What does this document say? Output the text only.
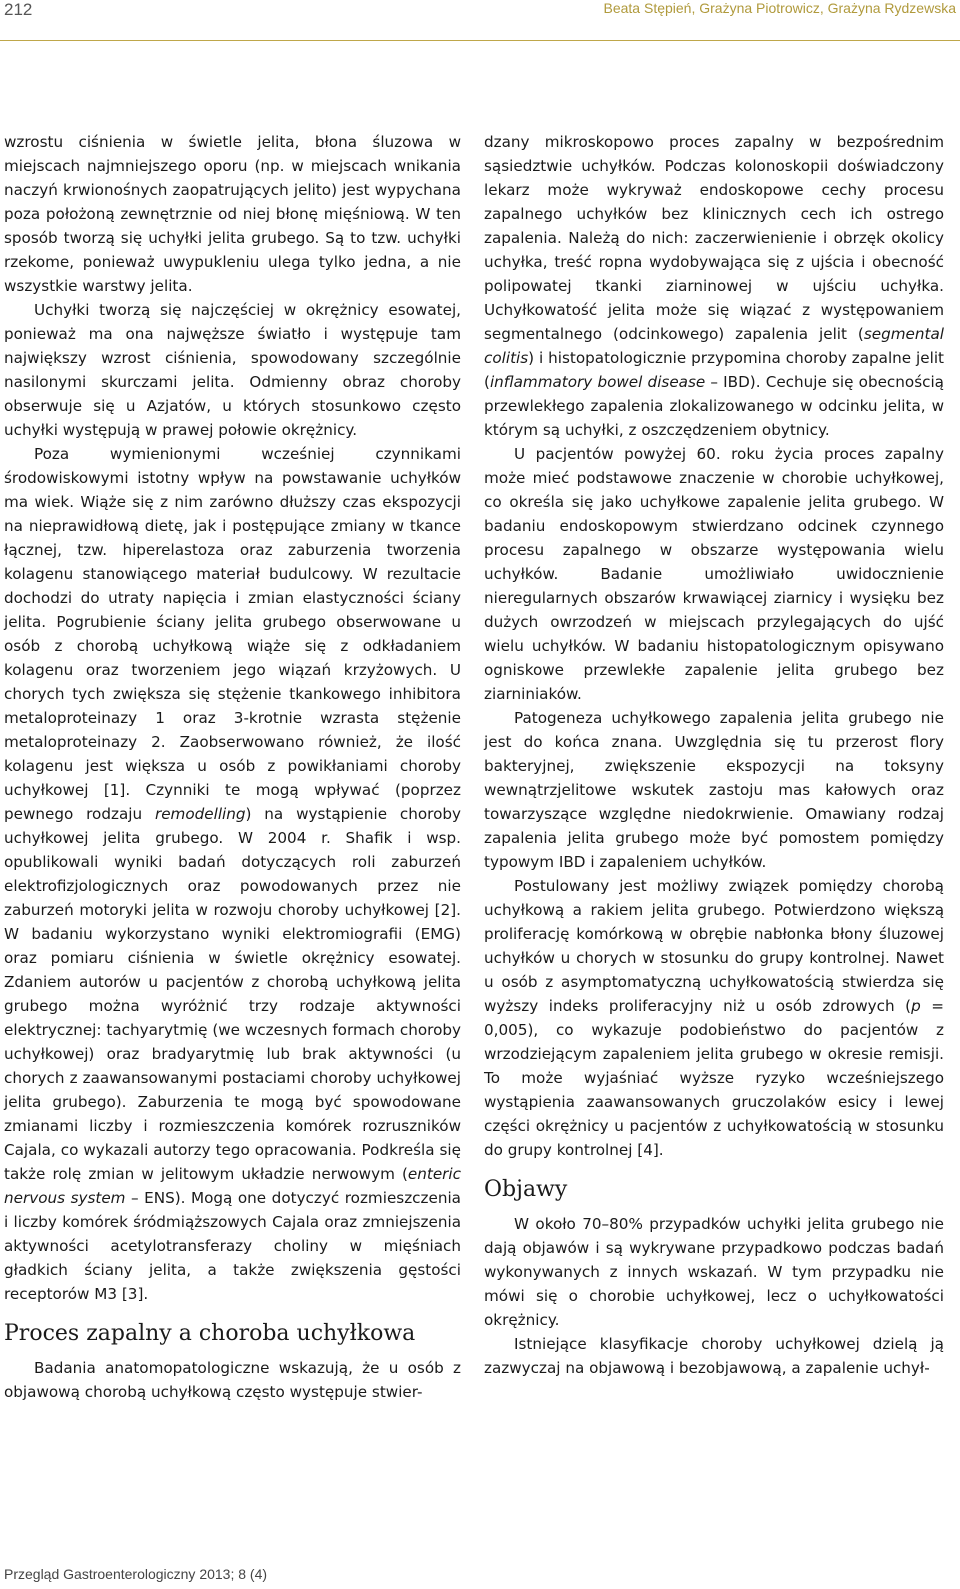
212	Beata Stępień, Grażyna Piotrowicz, Grażyna Rydzewska

wzrostu ciśnienia w świetle jelita, błona śluzowa w miejscach najmniejszego oporu (np. w miejscach wnikania naczyń krwionośnych zaopatrujących jelito) jest wypychana poza położoną zewnętrznie od niej błonę mięśniową. W ten sposób tworzą się uchyłki jelita grubego. Są to tzw. uchyłki rzekome, ponieważ uwypukleniu ulega tylko jedna, a nie wszystkie warstwy jelita.

Uchyłki tworzą się najczęściej w okrężnicy esowatej, ponieważ ma ona najwęższe światło i występuje tam największy wzrost ciśnienia, spowodowany szczególnie nasilonymi skurczami jelita. Odmienny obraz choroby obserwuje się u Azjatów, u których stosunkowo często uchyłki występują w prawej połowie okrężnicy.

Poza wymienionymi wcześniej czynnikami środowiskowymi istotny wpływ na powstawanie uchyłków ma wiek. Wiąże się z nim zarówno dłuższy czas ekspozycji na nieprawidłową dietę, jak i postępujące zmiany w tkance łącznej, tzw. hiperelastoza oraz zaburzenia tworzenia kolagenu stanowiącego materiał budulcowy. W rezultacie dochodzi do utraty napięcia i zmian elastyczności ściany jelita. Pogrubienie ściany jelita grubego obserwowane u osób z chorobą uchyłkową wiąże się z odkładaniem kolagenu oraz tworzeniem jego wiązań krzyżowych. U chorych tych zwiększa się stężenie tkankowego inhibitora metaloproteinazy 1 oraz 3-krotnie wzrasta stężenie metaloproteinazy 2. Zaobserwowano również, że ilość kolagenu jest większa u osób z powikłaniami choroby uchyłkowej [1]. Czynniki te mogą wpływać (poprzez pewnego rodzaju remodelling) na wystąpienie choroby uchyłkowej jelita grubego. W 2004 r. Shafik i wsp. opublikowali wyniki badań dotyczących roli zaburzeń elektrofizjologicznych oraz powodowanych przez nie zaburzeń motoryki jelita w rozwoju choroby uchyłkowej [2]. W badaniu wykorzystano wyniki elektromiografii (EMG) oraz pomiaru ciśnienia w świetle okrężnicy esowatej. Zdaniem autorów u pacjentów z chorobą uchyłkową jelita grubego można wyróżnić trzy rodzaje aktywności elektrycznej: tachyarytmię (we wczesnych formach choroby uchyłkowej) oraz bradyarytmię lub brak aktywności (u chorych z zaawansowanymi postaciami choroby uchyłkowej jelita grubego). Zaburzenia te mogą być spowodowane zmianami liczby i rozmieszczenia komórek rozruszników Cajala, co wykazali autorzy tego opracowania. Podkreśla się także rolę zmian w jelitowym układzie nerwowym (enteric nervous system – ENS). Mogą one dotyczyć rozmieszczenia i liczby komórek śródmiąższowych Cajala oraz zmniejszenia aktywności acetylotransferazy choliny w mięśniach gładkich ściany jelita, a także zwiększenia gęstości receptorów M3 [3].

Proces zapalny a choroba uchyłkowa

Badania anatomopatologiczne wskazują, że u osób z objawową chorobą uchyłkową często występuje stwier-

dzany mikroskopowo proces zapalny w bezpośrednim sąsiedztwie uchyłków. Podczas kolonoskopii doświadczony lekarz może wykryważ endoskopowe cechy procesu zapalnego uchyłków bez klinicznych cech ich ostrego zapalenia. Należą do nich: zaczerwienienie i obrzęk okolicy uchyłka, treść ropna wydobywająca się z ujścia i obecność polipowatej tkanki ziarninowej w ujściu uchyłka. Uchyłkowatość jelita może się wiązać z występowaniem segmentalnego (odcinkowego) zapalenia jelit (segmental colitis) i histopatologicznie przypomina choroby zapalne jelit (inflammatory bowel disease – IBD). Cechuje się obecnością przewlekłego zapalenia zlokalizowanego w odcinku jelita, w którym są uchyłki, z oszczędzeniem obytnicy.

U pacjentów powyżej 60. roku życia proces zapalny może mieć podstawowe znaczenie w chorobie uchyłkowej, co określa się jako uchyłkowe zapalenie jelita grubego. W badaniu endoskopowym stwierdzano odcinek czynnego procesu zapalnego w obszarze występowania wielu uchyłków. Badanie umożliwiało uwidocznienie nieregularnych obszarów krwawiącej ziarnicy i wysięku bez dużych owrzodzeń w miejscach przylegających do ujść wielu uchyłków. W badaniu histopatologicznym opisywano ogniskowe przewlekłe zapalenie jelita grubego bez ziarniniaków.

Patogeneza uchyłkowego zapalenia jelita grubego nie jest do końca znana. Uwzględnia się tu przerost flory bakteryjnej, zwiększenie ekspozycji na toksyny wewnątrzjelitowe wskutek zastoju mas kałowych oraz towarzyszące względne niedokrwienie. Omawiany rodzaj zapalenia jelita grubego może być pomostem pomiędzy typowym IBD i zapaleniem uchyłków.

Postulowany jest możliwy związek pomiędzy chorobą uchyłkową a rakiem jelita grubego. Potwierdzono większą proliferację komórkową w obrębie nabłonka błony śluzowej uchyłków u chorych w stosunku do grupy kontrolnej. Nawet u osób z asymptomatyczną uchyłkowatością stwierdza się wyższy indeks proliferacyjny niż u osób zdrowych (p = 0,005), co wykazuje podobieństwo do pacjentów z wrzodziejącym zapaleniem jelita grubego w okresie remisji. To może wyjaśniać wyższe ryzyko wcześniejszego wystąpienia zaawansowanych gruczolaków esicy i lewej części okrężnicy u pacjentów z uchyłkowatością w stosunku do grupy kontrolnej [4].

Objawy

W około 70–80% przypadków uchyłki jelita grubego nie dają objawów i są wykrywane przypadkowo podczas badań wykonywanych z innych wskazań. W tym przypadku nie mówi się o chorobie uchyłkowej, lecz o uchyłkowatości okrężnicy.

Istniejące klasyfikacje choroby uchyłkowej dzielą ją zazwyczaj na objawową i bezobjawową, a zapalenie uchył-

Przegląd Gastroenterologiczny 2013; 8 (4)
